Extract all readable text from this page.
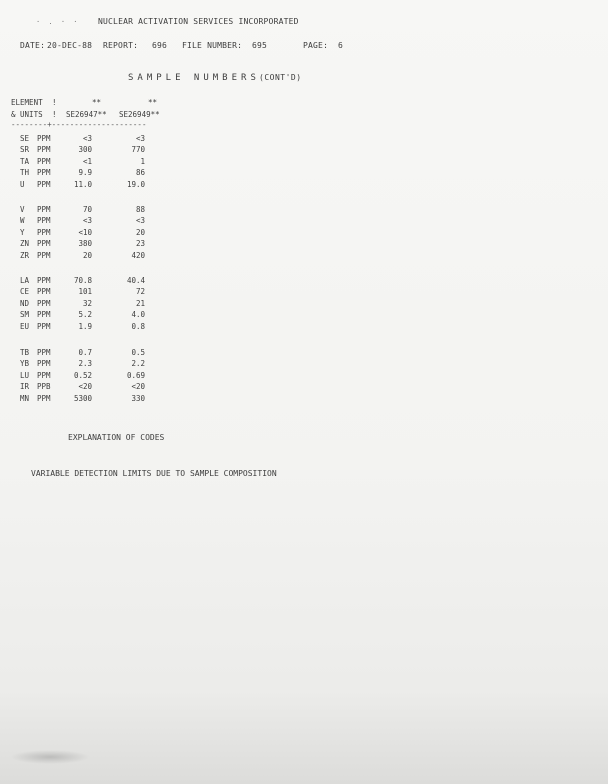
· . · · NUCLEAR ACTIVATION SERVICES INCORPORATED
DATE: 20-DEC-88 REPORT: 696 FILE NUMBER: 695	PAGE: 6
SAMPLE NUMBERS (CONT'D)
ELEMENT !	**	**
& UNITS ! SE26947** SE26949**
--------+---------------------
SE PPM	<3	<3
SR PPM	300	770
TA PPM	<1	1
TH PPM	9.9	86
U PPM	11.0	19.0
V PPM	70	88
W PPM	<3	<3
Y PPM	<10	20
ZN PPM	380	23
ZR PPM	20	420
LA PPM	70.8	40.4
CE PPM	101	72
ND PPM	32	21
SM PPM	5.2	4.0
EU PPM	1.9	0.8
TB PPM	0.7	0.5
YB PPM	2.3	2.2
LU PPM	0.52	0.69
IR PPB	<20	<20
MN PPM	5300	330
EXPLANATION OF CODES
VARIABLE DETECTION LIMITS DUE TO SAMPLE COMPOSITION
